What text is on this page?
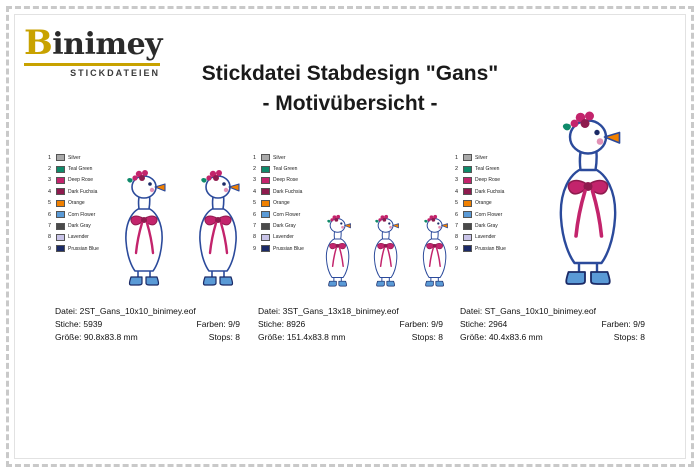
Binimey
STICKDATEIEN	Stickdatei Stabdesign "Gans"
- Motivübersicht -
1	Silver
2	Teal Green
3	Deep Rose
4	Dark Fuchsia
5	Orange
6	Corn Flower
7	Dark Gray
8	Lavender
9	Prussian Blue
1	Silver
2	Teal Green
3	Deep Rose
4	Dark Fuchsia
5	Orange
6	Corn Flower
7	Dark Gray
8	Lavender
9	Prussian Blue
1	Silver
2	Teal Green
3	Deep Rose
4	Dark Fuchsia
5	Orange
6	Corn Flower
7	Dark Gray
8	Lavender
9	Prussian Blue
Datei: 2ST_Gans_10x10_binimey.eof
Stiche: 5939	Farben: 9/9
Größe: 90.8x83.8 mm	Stops: 8
Datei: 3ST_Gans_13x18_binimey.eof
Stiche: 8926	Farben: 9/9
Größe: 151.4x83.8 mm	Stops: 8
Datei: ST_Gans_10x10_binimey.eof
Stiche: 2964	Farben: 9/9
Größe: 40.4x83.6 mm	Stops: 8
